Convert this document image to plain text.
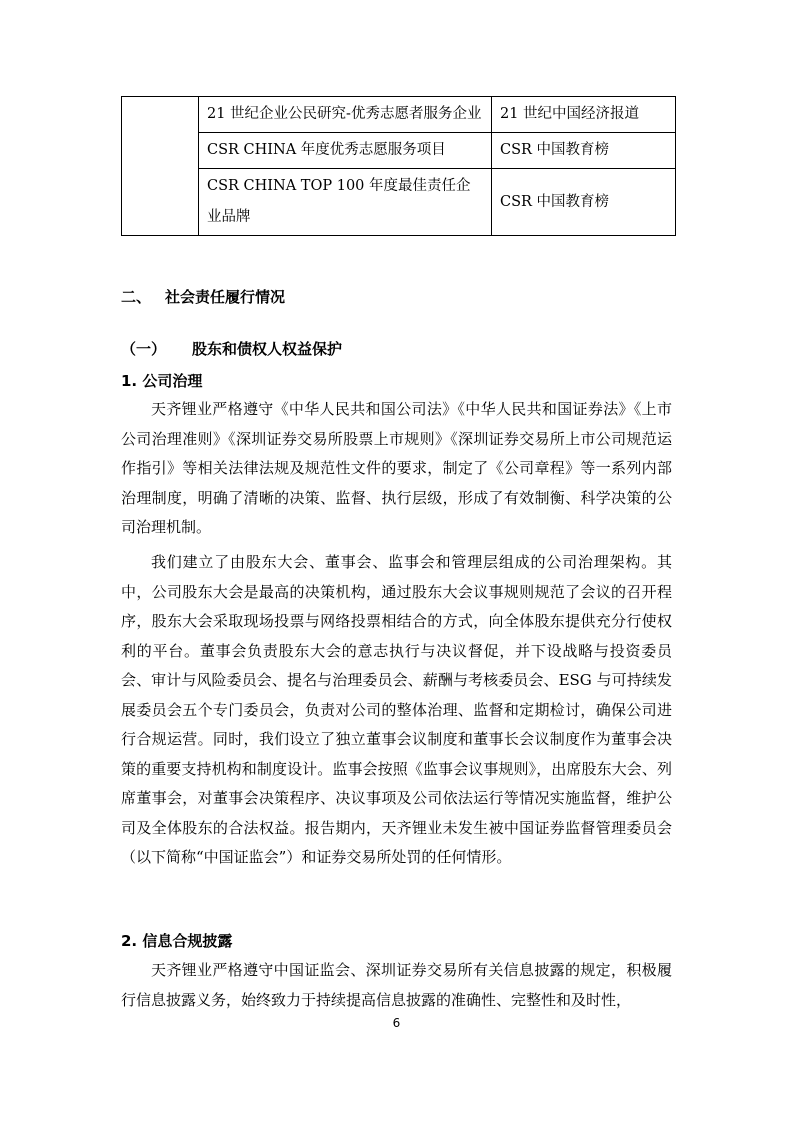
	21 世纪企业公民研究-优秀志愿者服务企业	21 世纪中国经济报道
	CSR CHINA 年度优秀志愿服务项目	CSR 中国教育榜
	CSR CHINA TOP 100 年度最佳责任企业品牌	CSR 中国教育榜
二、 社会责任履行情况
（一） 股东和债权人权益保护
1. 公司治理

天齐锂业严格遵守《中华人民共和国公司法》《中华人民共和国证券法》《上市公司治理准则》《深圳证券交易所股票上市规则》《深圳证券交易所上市公司规范运作指引》等相关法律法规及规范性文件的要求，制定了《公司章程》等一系列内部治理制度，明确了清晰的决策、监督、执行层级，形成了有效制衡、科学决策的公司治理机制。

我们建立了由股东大会、董事会、监事会和管理层组成的公司治理架构。其中，公司股东大会是最高的决策机构，通过股东大会议事规则规范了会议的召开程序，股东大会采取现场投票与网络投票相结合的方式，向全体股东提供充分行使权利的平台。董事会负责股东大会的意志执行与决议督促，并下设战略与投资委员会、审计与风险委员会、提名与治理委员会、薪酬与考核委员会、ESG 与可持续发展委员会五个专门委员会，负责对公司的整体治理、监督和定期检讨，确保公司进行合规运营。同时，我们设立了独立董事会议制度和董事长会议制度作为董事会决策的重要支持机构和制度设计。监事会按照《监事会议事规则》，出席股东大会、列席董事会，对董事会决策程序、决议事项及公司依法运行等情况实施监督，维护公司及全体股东的合法权益。报告期内，天齐锂业未发生被中国证券监督管理委员会（以下简称“中国证监会”）和证券交易所处罚的任何情形。

2. 信息合规披露

天齐锂业严格遵守中国证监会、深圳证券交易所有关信息披露的规定，积极履行信息披露义务，始终致力于持续提高信息披露的准确性、完整性和及时性，

6
